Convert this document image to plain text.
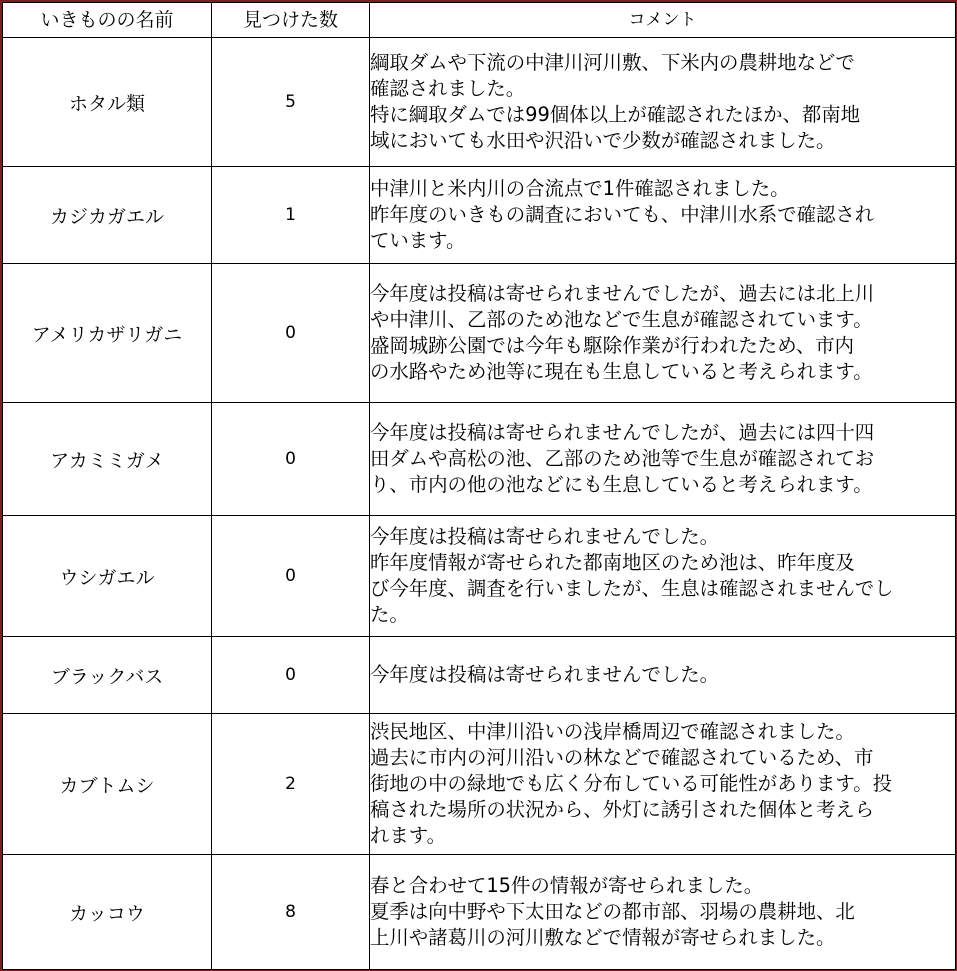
いきものの名前	見つけた数	コメント
ホタル類	5	綱取ダムや下流の中津川河川敷、下米内の農耕地などで
確認されました。
特に綱取ダムでは99個体以上が確認されたほか、都南地
域においても水田や沢沿いで少数が確認されました。

カジカガエル	1	中津川と米内川の合流点で1件確認されました。
昨年度のいきもの調査においても、中津川水系で確認され
ています。

アメリカザリガニ	0	今年度は投稿は寄せられませんでしたが、過去には北上川
や中津川、乙部のため池などで生息が確認されています。
盛岡城跡公園では今年も駆除作業が行われたため、市内
の水路やため池等に現在も生息していると考えられます。

アカミミガメ	0	今年度は投稿は寄せられませんでしたが、過去には四十四
田ダムや高松の池、乙部のため池等で生息が確認されてお
り、市内の他の池などにも生息していると考えられます。

ウシガエル	0	今年度は投稿は寄せられませんでした。
昨年度情報が寄せられた都南地区のため池は、昨年度及
び今年度、調査を行いましたが、生息は確認されませんでし
た。

ブラックバス	0	今年度は投稿は寄せられませんでした。

カブトムシ	2	渋民地区、中津川沿いの浅岸橋周辺で確認されました。
過去に市内の河川沿いの林などで確認されているため、市
街地の中の緑地でも広く分布している可能性があります。投
稿された場所の状況から、外灯に誘引された個体と考えら
れます。

カッコウ	8	春と合わせて15件の情報が寄せられました。
夏季は向中野や下太田などの都市部、羽場の農耕地、北
上川や諸葛川の河川敷などで情報が寄せられました。
